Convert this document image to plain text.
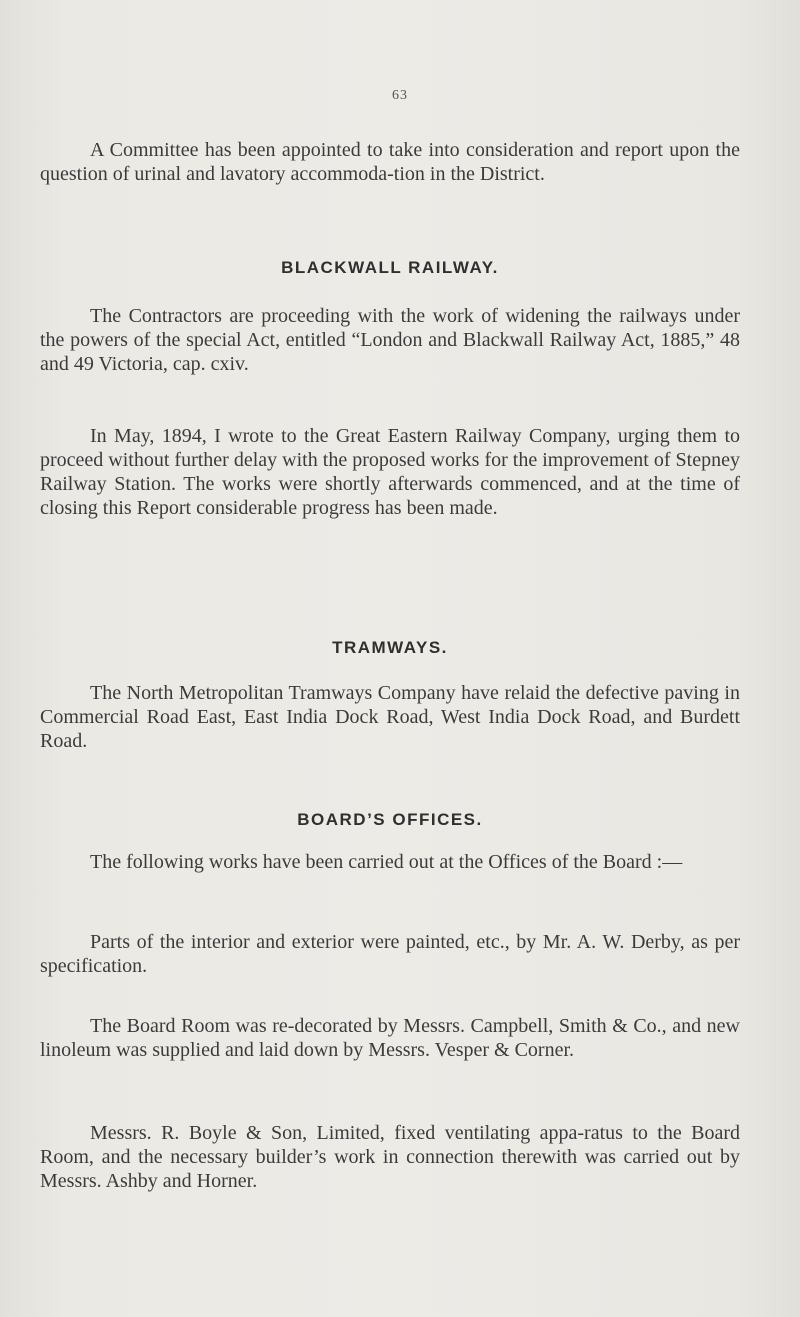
63

A Committee has been appointed to take into consideration and report upon the question of urinal and lavatory accommoda-tion in the District.

BLACKWALL RAILWAY.

The Contractors are proceeding with the work of widening the railways under the powers of the special Act, entitled “London and Blackwall Railway Act, 1885,” 48 and 49 Victoria, cap. cxiv.

In May, 1894, I wrote to the Great Eastern Railway Company, urging them to proceed without further delay with the proposed works for the improvement of Stepney Railway Station. The works were shortly afterwards commenced, and at the time of closing this Report considerable progress has been made.

TRAMWAYS.

The North Metropolitan Tramways Company have relaid the defective paving in Commercial Road East, East India Dock Road, West India Dock Road, and Burdett Road.

BOARD’S OFFICES.

The following works have been carried out at the Offices of the Board :—

Parts of the interior and exterior were painted, etc., by Mr. A. W. Derby, as per specification.

The Board Room was re-decorated by Messrs. Campbell, Smith & Co., and new linoleum was supplied and laid down by Messrs. Vesper & Corner.

Messrs. R. Boyle & Son, Limited, fixed ventilating appa-ratus to the Board Room, and the necessary builder’s work in connection therewith was carried out by Messrs. Ashby and Horner.
